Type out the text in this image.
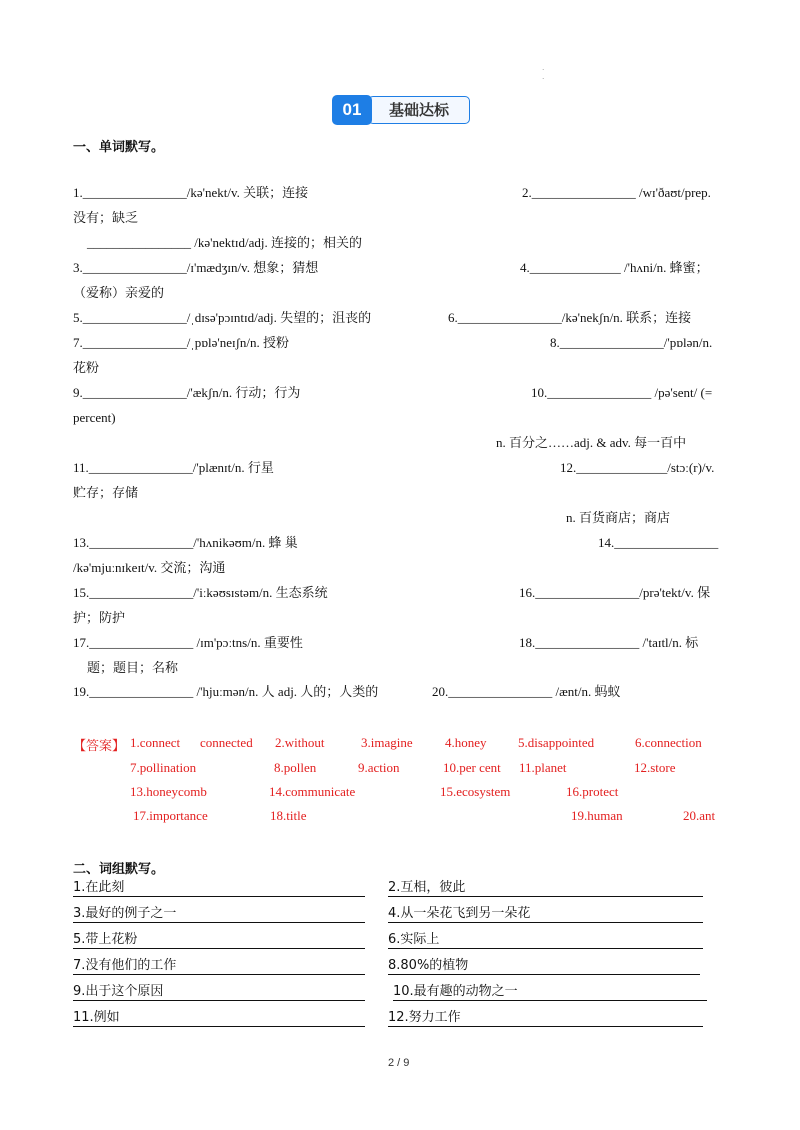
·
·
基础达标
01
一、单词默写。
1.________________/kə'nekt/v. 关联；连接	2.________________ /wɪ'ðaʊt/prep.
没有；缺乏
________________ /kə'nektɪd/adj. 连接的；相关的
3.________________/ɪ'mædʒɪn/v. 想象；猜想	4.______________ /'hʌni/n. 蜂蜜；
（爱称）亲爱的
5.________________/ˌdɪsə'pɔɪntɪd/adj. 失望的；沮丧的	6.________________/kə'nekʃn/n. 联系；连接
7.________________/ˌpɒlə'neɪʃn/n. 授粉	8.________________/'pɒlən/n.
花粉
9.________________/'ækʃn/n. 行动；行为	10.________________ /pə'sent/ (=
percent)
n. 百分之……adj. & adv. 每一百中
11.________________/'plænɪt/n. 行星	12.______________/stɔː(r)/v.
贮存；存储
n. 百货商店；商店
13.________________/'hʌnikəʊm/n. 蜂 巢	14.________________
/kə'mjuːnɪkeɪt/v. 交流；沟通
15.________________/'iːkəʊsɪstəm/n. 生态系统	16.________________/prə'tekt/v. 保
护；防护
17.________________ /ɪm'pɔːtns/n. 重要性	18.________________ /'taɪtl/n. 标
题；题目；名称
19.________________ /'hjuːmən/n. 人 adj. 人的；人类的	20.________________ /ænt/n. 蚂蚁
【答案】 1.connect connected 2.without	3.imagine 4.honey 5.disappointed	6.connection
7.pollination	8.pollen	9.action	10.per cent 11.planet	12.store
13.honeycomb	14.communicate	15.ecosystem	16.protect
17.importance	18.title	19.human	20.ant
二、词组默写。
1.在此刻	2.互相，彼此
3.最好的例子之一	4.从一朵花飞到另一朵花
5.带上花粉	6.实际上
7.没有他们的工作	8.80%的植物
9.出于这个原因	10.最有趣的动物之一
11.例如	12.努力工作
2 / 9
